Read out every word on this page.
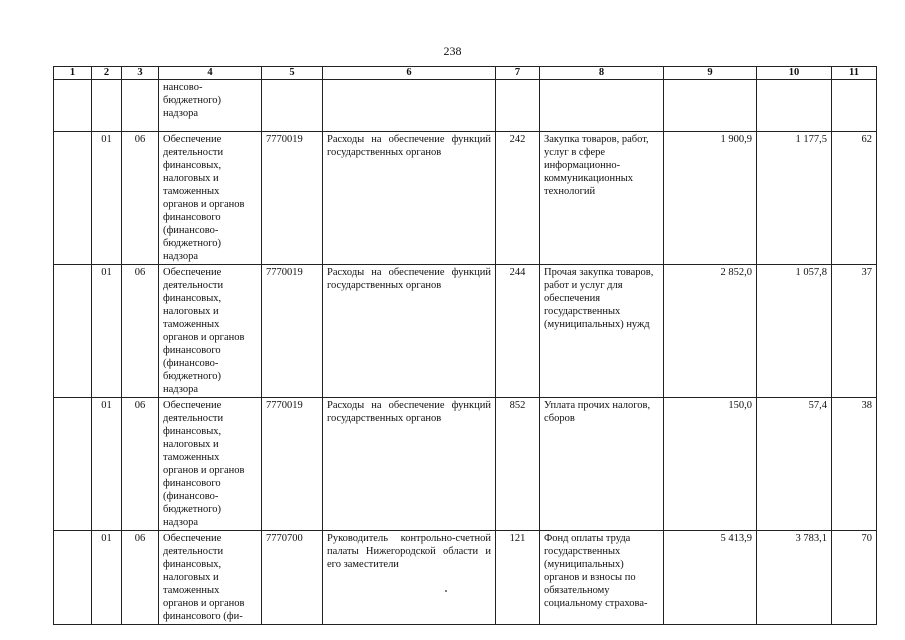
238
1	2	3	4	5	6	7	8	9	10	11
			нансово-бюджетного) надзора							
	01	06	Обеспечение деятельности финансовых, налоговых и таможенных органов и органов финансового (финансово-бюджетного) надзора	7770019	Расходы на обеспечение функций государственных органов	242	Закупка товаров, работ, услуг в сфере информационно-коммуникационных технологий	1 900,9	1 177,5	62
	01	06	Обеспечение деятельности финансовых, налоговых и таможенных органов и органов финансового (финансово-бюджетного) надзора	7770019	Расходы на обеспечение функций государственных органов	244	Прочая закупка товаров, работ и услуг для обеспечения государственных (муниципальных) нужд	2 852,0	1 057,8	37
	01	06	Обеспечение деятельности финансовых, налоговых и таможенных органов и органов финансового (финансово-бюджетного) надзора	7770019	Расходы на обеспечение функций государственных органов	852	Уплата прочих налогов, сборов	150,0	57,4	38
	01	06	Обеспечение деятельности финансовых, налоговых и таможенных органов и органов финансового (фи-	7770700	Руководитель контрольно-счетной палаты Нижегородской области и его заместители	121	Фонд оплаты труда государственных (муниципальных) органов и взносы по обязательному социальному страхова-	5 413,9	3 783,1	70
